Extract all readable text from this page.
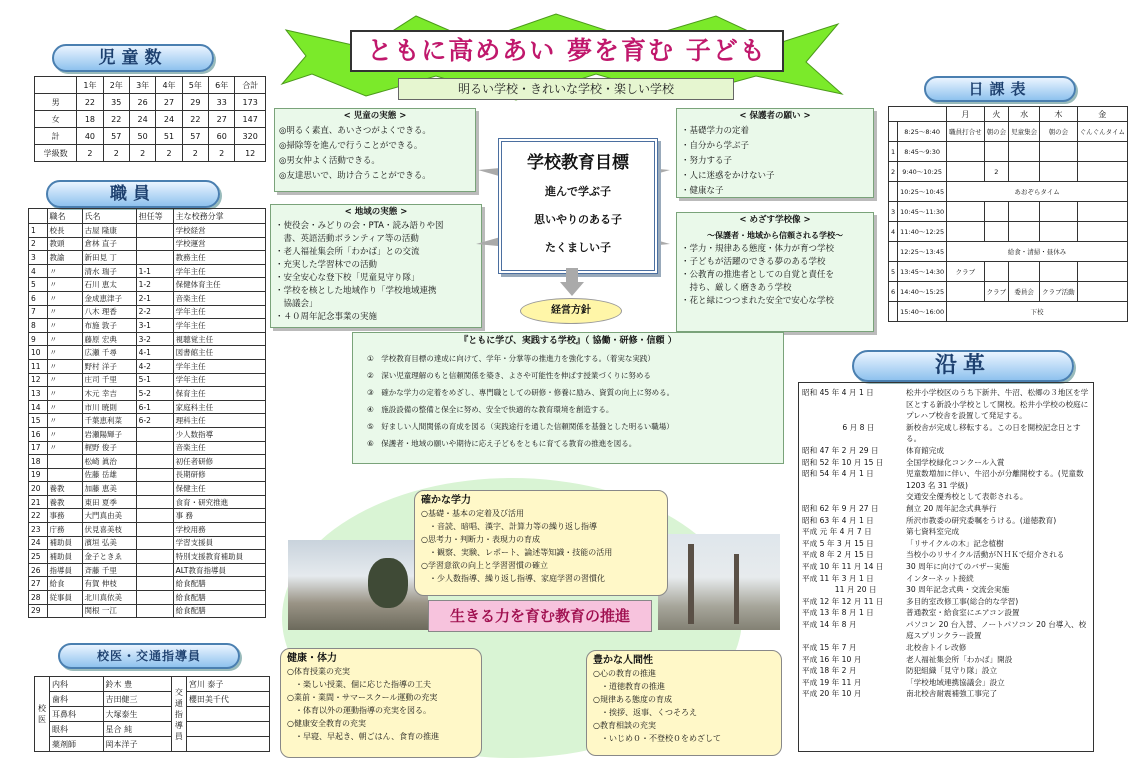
児童数
	1年	2年	3年	4年	5年	6年	合計
男	22	35	26	27	29	33	173
女	18	22	24	24	22	27	147
計	40	57	50	51	57	60	320
学級数	2	2	2	2	2	2	12
職員
	職名	氏名	担任等	主な校務分掌
1	校長	古屋 隆康		学校経営
2	教頭	倉林 直子		学校運営
3	教諭	新田見 丁		教務主任
4	〃	清水 瑞子	1-1	学年主任
5	〃	石川 恵太	1-2	保健体育主任
6	〃	金成恵津子	2-1	音楽主任
7	〃	八木 理香	2-2	学年主任
8	〃	布施 敦子	3-1	学年主任
9	〃	藤原 宏典	3-2	視聴覚主任
10	〃	広瀬 千尋	4-1	図書館主任
11	〃	野村 洋子	4-2	学年主任
12	〃	庄司 千里	5-1	学年主任
13	〃	木元 幸吉	5-2	保育主任
14	〃	市川 暁則	6-1	家庭科主任
15	〃	千葉恵利菜	6-2	理科主任
16	〃	岩瀬陽輝子		少人数指導
17	〃	梶野 俊子		音楽主任
18		松崎 眞治		初任者研修
19		佐藤 岳雄		長期研修
20	養教	加藤 恵美		保健主任
21	養教	東田 夏季		食育・研究推進
22	事務	大門真由美		事 務
23	庁務	伏見喜美枝		学校用務
24	補助員	濱垣 弘美		学習支援員
25	補助員	金子ときゑ		特別支援教育補助員
26	指導員	斉藤 千里		ALT教育指導員
27	給食	有賀 伸枝		給食配膳
28	従事員	北川真依美		給食配膳
29		関根 一江		給食配膳
校医・交通指導員
校医	内科	鈴木 豊	交通指導員	宮川 泰子
	歯科	吉田健三		櫻田美千代
	耳鼻科	大塚泰生		
	眼科	星合 純		
	薬剤師	岡本洋子		
ともに高めあい 夢を育む 子ども
明るい学校・きれいな学校・楽しい学校
< 児童の実態 >
◎明るく素直、あいさつがよくできる。
◎掃除等を進んで行うことができる。
◎男女仲よく活動できる。
◎友達思いで、助け合うことができる。
< 保護者の願い >
・基礎学力の定着
・自分から学ぶ子
・努力する子
・人に迷惑をかけない子
・健康な子
< 地域の実態 >
・使役会・みどりの会・PTA・読み語りや図
　書、英語活動ボランティア等の活動
・老人福祉集会所「わかば」との交流
・充実した学習林での活動
・安全安心な登下校「児童見守り隊」
・学校を核とした地域作り「学校地域連携
　協議会」
・４０周年記念事業の実施
< めざす学校像 >
〜保護者・地域から信頼される学校〜
・学力・規律ある態度・体力が育つ学校
・子どもが活躍のできる夢のある学校
・公教育の推進者としての自覚と責任を
　持ち、厳しく磨きあう学校
・花と緑につつまれた安全で安心な学校
学校教育目標
進んで学ぶ子
思いやりのある子
たくましい子
経営方針
『ともに学び、実践する学校』（ 協働・研修・信頼 ）
①　学校教育目標の達成に向けて、学年・分掌等の推進力を強化する。（着実な実践）
②　深い児童理解のもと信頼関係を築き、よさや可能性を伸ばす授業づくりに努める
③　確かな学力の定着をめざし、專門職としての研修・修養に励み、資質の向上に努める。
④　施設設備の整備と保全に努め、安全で快適的な教育環境を創造する。
⑤　好ましい人間関係の育成を図る（実践途行を通した信頼関係を基盤とした明るい職場）
⑥　保護者・地域の願いや期待に応え子どもをともに育てる教育の推進を図る。
生きる力を育む教育の推進
確かな学力
○基礎・基本の定着及び活用
　・音読、暗唱、漢字、計算力等の繰り返し指導
○思考力・判断力・表現力の育成
　・観察、実験、レポート、論述等知識・技能の活用
○学習意欲の向上と学習習慣の確立
　・少人数指導、繰り返し指導、家庭学習の習慣化
健康・体力
○体育授業の充実
　・楽しい授業、個に応じた指導の工夫
○業前・業間・サマースクール運動の充実
　・体育以外の運動指導の充実を図る。
○健康安全教育の充実
　・早寝、早起き、朝ごはん、食育の推進
豊かな人間性
○心の教育の推進
　・道徳教育の推進
○規律ある態度の育成
　・挨拶、返事、くつそろえ
○教育相談の充実
　・いじめ０・不登校０をめざして
日課表
		月	火	水	木	金
	8:25〜8:40	職員打合せ	朝の会	児童集会	朝の会	ぐんぐんタイム
1	8:45〜9:30					
2	9:40〜10:25		2			
	10:25〜10:45	あおぞらタイム				
3	10:45〜11:30					
4	11:40〜12:25					
	12:25〜13:45	給食・清掃・昼休み				
5	13:45〜14:30	クラブ				
6	14:40〜15:25		クラブ	委員会	クラブ活動	
	15:40〜16:00	下校				
沿革
昭和 45 年 4 月 1 日	松井小学校区のうち下新井、牛沼、松郷の３地区を学区とする新設小学校として開校。松井小学校の校庭にプレハブ校舎を設置して発足する。
　　　　　 6 月 8 日	新校舎が完成し移転する。この日を開校記念日とする。
昭和 47 年 2 月 29 日	体育館完成
昭和 52 年 10 月 15 日	全国学校緑化コンクール入賞
昭和 54 年 4 月 1 日	児童数増加に伴い、牛沼小が分離開校する。(児童数 1203 名 31 学級)
交通安全優秀校として表彰される。
昭和 62 年 9 月 27 日	創立 20 周年記念式典挙行
昭和 63 年 4 月 1 日	所沢市教委の研究委嘱をうける。(道徳教育)
平成 元 年 4 月 7 日	第七資料室完成
平成 5 年 3 月 15 日	「リサイクルの木」記念植樹
平成 8 年 2 月 15 日	当校小のリサイクル活動がＮＨＫで紹介される
平成 10 年 11 月 14 日	30 周年に向けてのバザー実施
平成 11 年 3 月 1 日	インターネット接続
　　　　 11 月 20 日	30 周年記念式典・交流会実施
平成 12 年 12 月 11 日	多目的室改修工事(総合的な学習)
平成 13 年 8 月 1 日	普通教室・給食室にエアコン設置
平成 14 年 8 月	パソコン 20 台入替、ノートパソコン 20 台導入、校庭スプリンクラー設置
平成 15 年 7 月	北校舎トイレ改修
平成 16 年 10 月	老人福祉集会所「わかば」開設
平成 18 年 2 月	防犯組織「見守り隊」設立
平成 19 年 11 月	「学校地域連携協議会」設立
平成 20 年 10 月	南北校舎耐震補強工事完了
